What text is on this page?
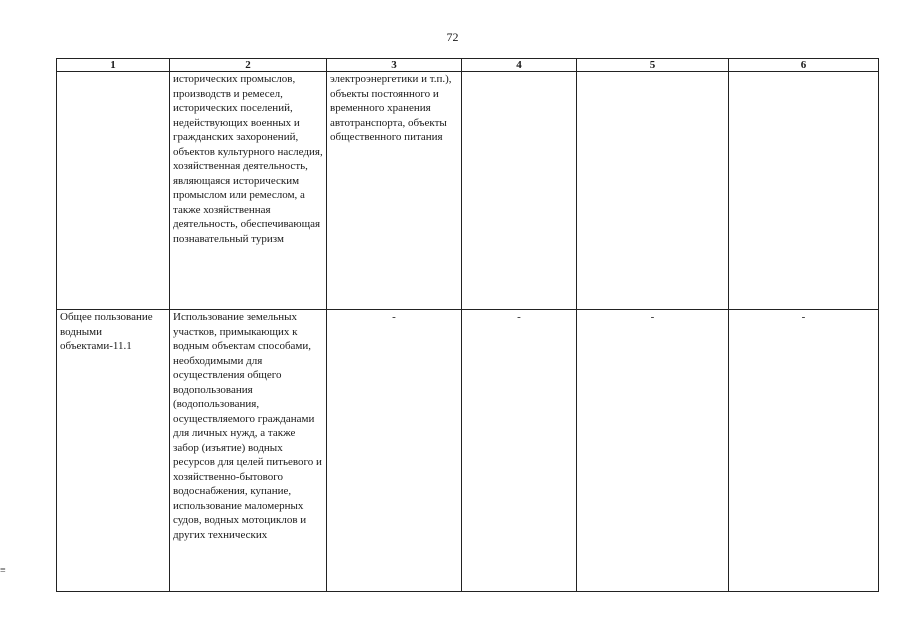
72
1	2	3	4	5	6
	исторических промыслов, производств и ремесел, исторических поселений, недействующих военных и гражданских захоронений, объектов культурного наследия, хозяйственная деятельность, являющаяся историческим промыслом или ремеслом, а также хозяйственная деятельность, обеспечивающая познавательный туризм	электроэнергетики и т.п.), объекты постоянного и временного хранения автотранспорта, объекты общественного питания			
Общее пользование водными объектами-11.1	Использование земельных участков, примыкающих к водным объектам способами, необходимыми для осуществления общего водопользования (водопользования, осуществляемого гражданами для личных нужд, а также забор (изъятие) водных ресурсов для целей питьевого и хозяйственно-бытового водоснабжения, купание, использование маломерных судов, водных мотоциклов и других технических	-	-	-	-
≡
